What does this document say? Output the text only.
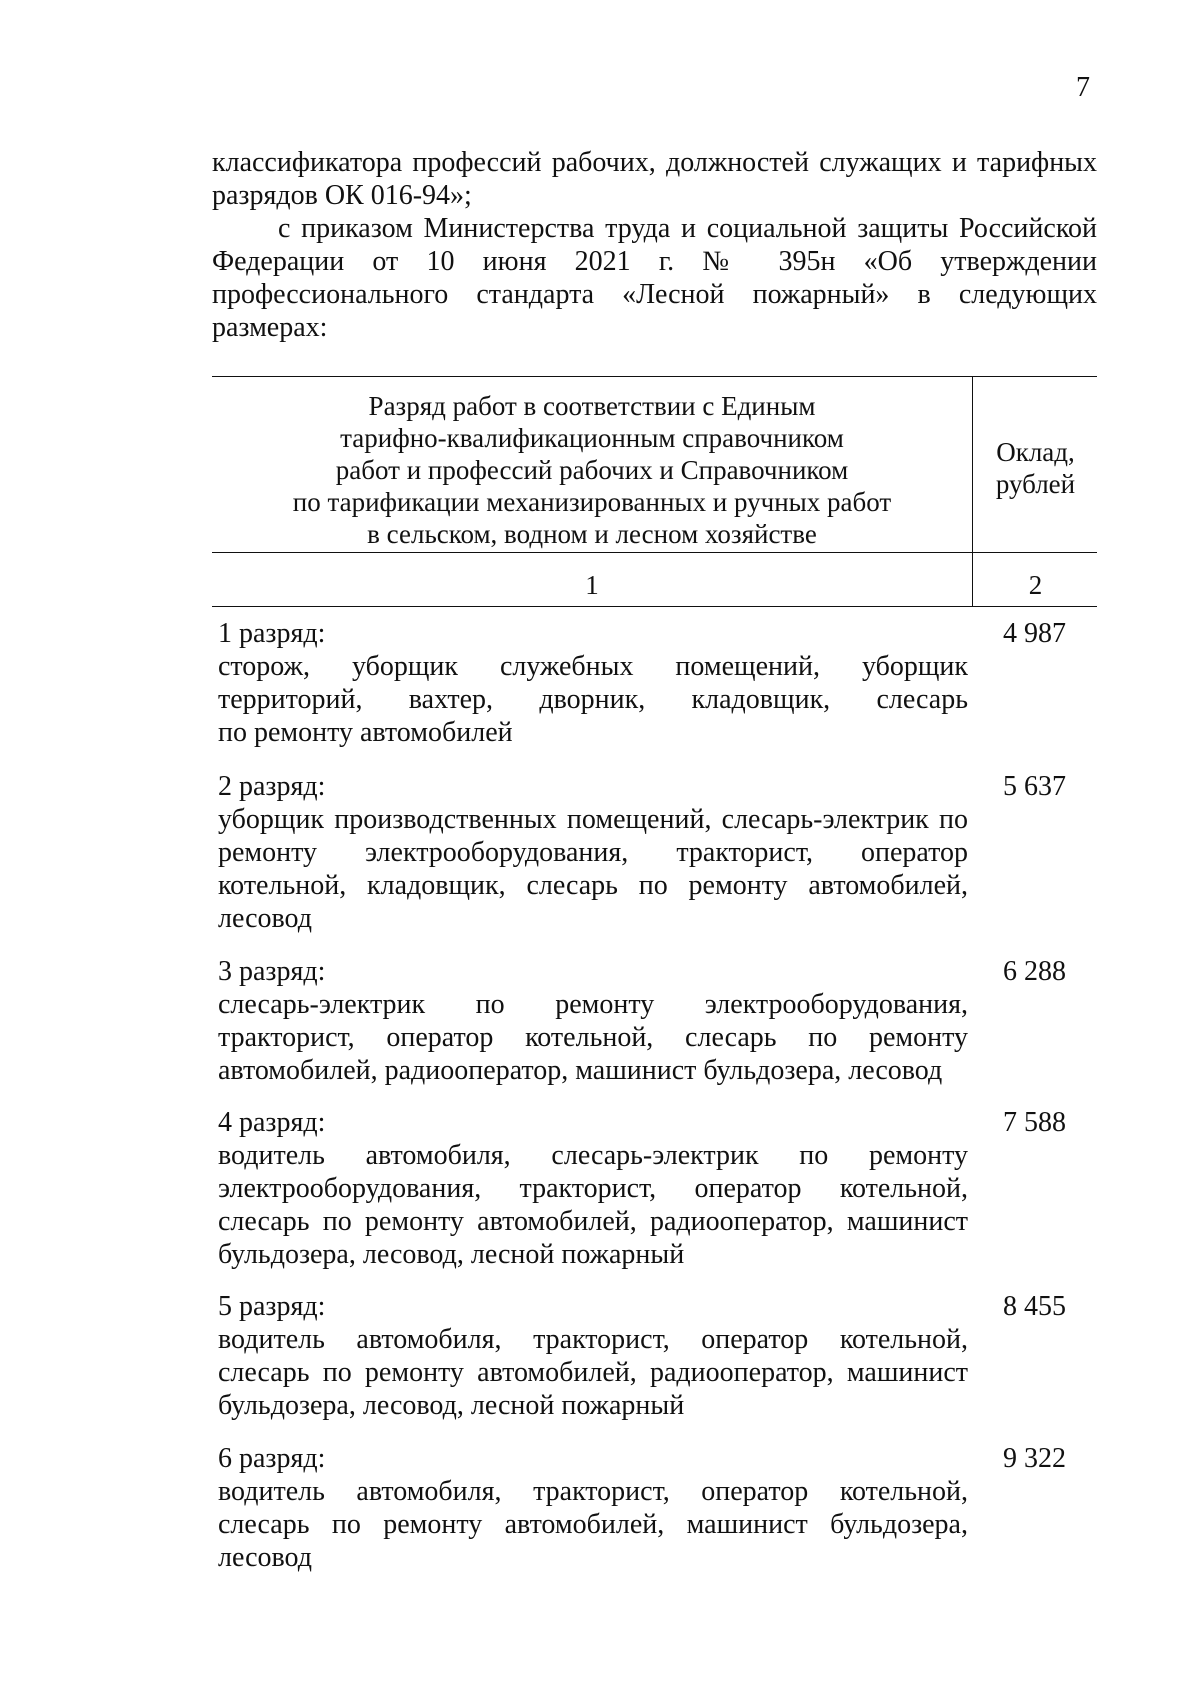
7
классификатора профессий рабочих, должностей служащих и тарифных
разрядов ОК 016-94»;
с приказом Министерства труда и социальной защиты Российской
Федерации от 10 июня 2021 г. № 395н «Об утверждении
профессионального стандарта «Лесной пожарный» в следующих
размерах:
Разряд работ в соответствии с Единым
тарифно-квалификационным справочником
работ и профессий рабочих и Справочником
по тарификации механизированных и ручных работ
в сельском, водном и лесном хозяйстве
Оклад,
рублей
1	2
1 разряд:
сторож, уборщик служебных помещений, уборщик
территорий, вахтер, дворник, кладовщик, слесарь
по ремонту автомобилей
4 987
2 разряд:
уборщик производственных помещений, слесарь-электрик по
ремонту электрооборудования, тракторист, оператор
котельной, кладовщик, слесарь по ремонту автомобилей,
лесовод
5 637
3 разряд:
слесарь-электрик по ремонту электрооборудования,
тракторист, оператор котельной, слесарь по ремонту
автомобилей, радиооператор, машинист бульдозера, лесовод
6 288
4 разряд:
водитель автомобиля, слесарь-электрик по ремонту
электрооборудования, тракторист, оператор котельной,
слесарь по ремонту автомобилей, радиооператор, машинист
бульдозера, лесовод, лесной пожарный
7 588
5 разряд:
водитель автомобиля, тракторист, оператор котельной,
слесарь по ремонту автомобилей, радиооператор, машинист
бульдозера, лесовод, лесной пожарный
8 455
6 разряд:
водитель автомобиля, тракторист, оператор котельной,
слесарь по ремонту автомобилей, машинист бульдозера,
лесовод
9 322
